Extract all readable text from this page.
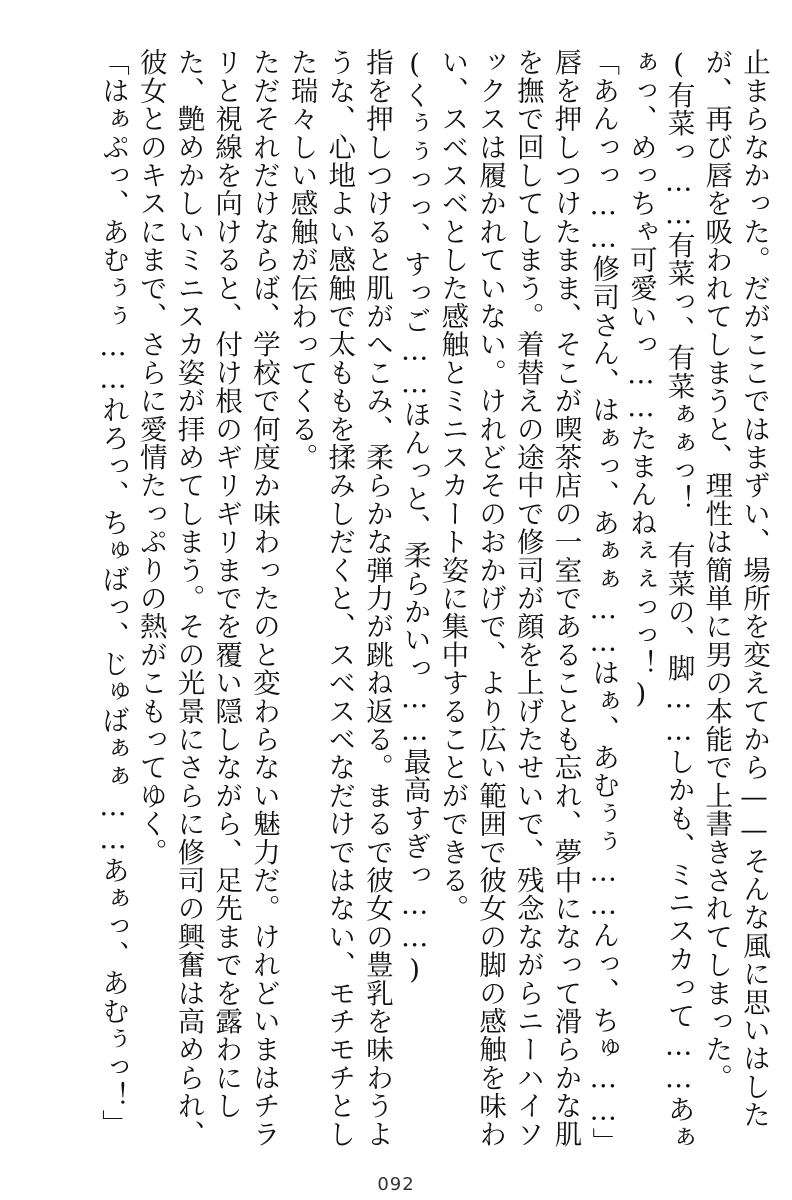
止まらなかった。だがここではまずい、場所を変えてから——そんな風に思いはしたが、再び唇を吸われてしまうと、理性は簡単に男の本能で上書きされてしまった。

(有菜っ……有菜っ、有菜ぁぁっ！　有菜の、脚……しかも、ミニスカって……あぁぁっ、めっちゃ可愛いっ……たまんねぇぇっっ！)

「あんっっ……修司さん、はぁっ、あぁぁ……はぁ、あむぅぅ……んっ、ちゅ……」

唇を押しつけたまま、そこが喫茶店の一室であることも忘れ、夢中になって滑らかな肌を撫で回してしまう。着替えの途中で修司が顔を上げたせいで、残念ながらニーハイソックスは履かれていない。けれどそのおかげで、より広い範囲で彼女の脚の感触を味わい、スベスベとした感触とミニスカート姿に集中することができる。

(くぅぅっっ、すっご……ほんっと、柔らかいっ……最高すぎっ……)

指を押しつけると肌がへこみ、柔らかな弾力が跳ね返る。まるで彼女の豊乳を味わうような、心地よい感触で太ももを揉みしだくと、スベスベなだけではない、モチモチとした瑞々しい感触が伝わってくる。

ただそれだけならば、学校で何度か味わったのと変わらない魅力だ。けれどいまはチラリと視線を向けると、付け根のギリギリまでを覆い隠しながら、足先までを露わにした、艶めかしいミニスカ姿が拝めてしまう。その光景にさらに修司の興奮は高められ、彼女とのキスにまで、さらに愛情たっぷりの熱がこもってゆく。

「はぁぷっ、あむぅぅ……れろっ、ちゅばっ、じゅばぁぁ……あぁっ、あむぅっ！」

092
